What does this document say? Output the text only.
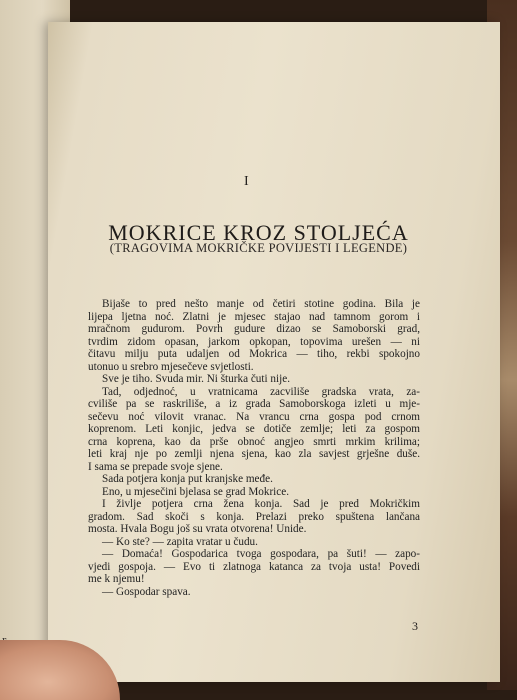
I
MOKRICE KROZ STOLJEĆA
(TRAGOVIMA MOKRIČKE POVIJESTI I LEGENDE)
Bijaše to pred nešto manje od četiri stotine godina. Bila je
lijepa ljetna noć. Zlatni je mjesec stajao nad tamnom gorom i
mračnom gudurom. Povrh gudure dizao se Samoborski grad,
tvrdim zidom opasan, jarkom opkopan, topovima urešen — ni
čitavu milju puta udaljen od Mokrica — tiho, rekbi spokojno
utonuo u srebro mjesečeve svjetlosti.
Sve je tiho. Svuda mir. Ni šturka čuti nije.
Tad, odjednoć, u vratnicama zacviliše gradska vrata, za-
cviliše pa se raskriliše, a iz grada Samoborskoga izleti u mje-
sečevu noć vilovit vranac. Na vrancu crna gospa pod crnom
koprenom. Leti konjic, jedva se dotiče zemlje; leti za gospom
crna koprena, kao da prše obnoć angjeo smrti mrkim krilima;
leti kraj nje po zemlji njena sjena, kao zla savjest grješne duše.
I sama se prepade svoje sjene.
Sada potjera konja put kranjske međe.
Eno, u mjesečini bjelasa se grad Mokrice.
I življe potjera crna žena konja. Sad je pred Mokričkim
gradom. Sad skoči s konja. Prelazi preko spuštena lančana
mosta. Hvala Bogu još su vrata otvorena! Unide.
— Ko ste? — zapita vratar u čudu.
— Domaća! Gospodarica tvoga gospodara, pa šuti! — zapo-
vjedi gospoja. — Evo ti zlatnoga katanca za tvoja usta! Povedi
me k njemu!
— Gospodar spava.
3
